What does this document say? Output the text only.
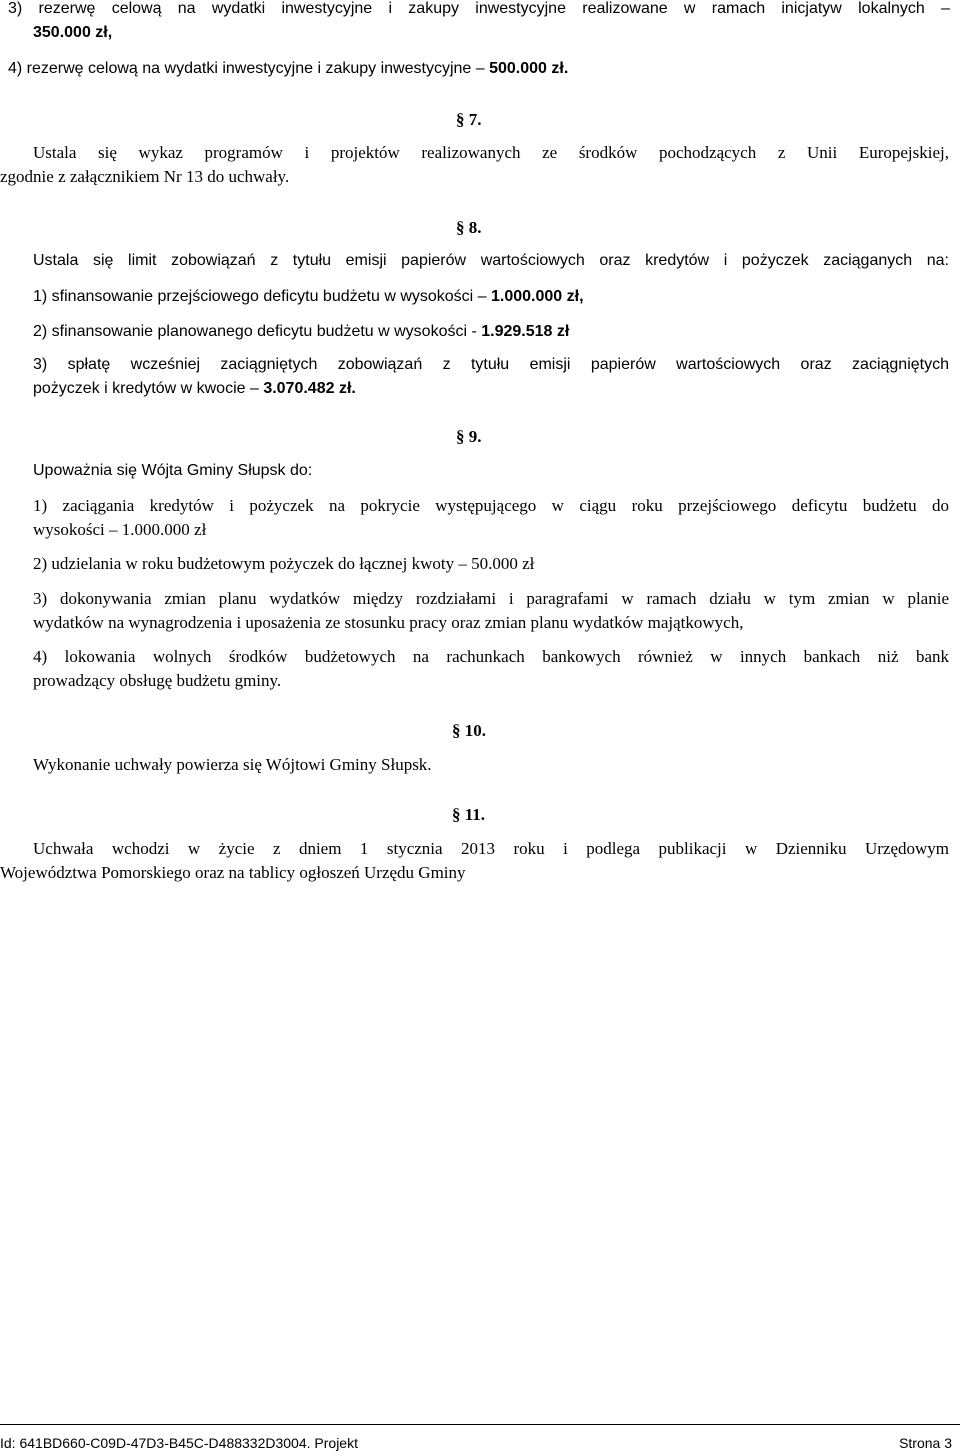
3) rezerwę celową na wydatki inwestycyjne i zakupy inwestycyjne realizowane w ramach inicjatyw lokalnych –
350.000 zł,
4) rezerwę celową na wydatki inwestycyjne i zakupy inwestycyjne – 500.000 zł.
§ 7.
Ustala się wykaz programów i projektów realizowanych ze środków pochodzących z Unii Europejskiej,
zgodnie z załącznikiem Nr 13 do uchwały.
§ 8.
Ustala się limit zobowiązań z tytułu emisji papierów wartościowych oraz kredytów i pożyczek zaciąganych na:
1) sfinansowanie przejściowego deficytu budżetu w wysokości – 1.000.000 zł,
2) sfinansowanie planowanego deficytu budżetu w wysokości - 1.929.518 zł
3) spłatę wcześniej zaciągniętych zobowiązań z tytułu emisji papierów wartościowych oraz zaciągniętych
pożyczek i kredytów w kwocie – 3.070.482 zł.
§ 9.
Upoważnia się Wójta Gminy Słupsk do:
1) zaciągania kredytów i pożyczek na pokrycie występującego w ciągu roku przejściowego deficytu budżetu do
wysokości – 1.000.000 zł
2) udzielania w roku budżetowym pożyczek do łącznej kwoty – 50.000 zł
3) dokonywania zmian planu wydatków między rozdziałami i paragrafami w ramach działu w tym zmian w planie
wydatków na wynagrodzenia i uposażenia ze stosunku pracy oraz zmian planu wydatków majątkowych,
4) lokowania wolnych środków budżetowych na rachunkach bankowych również w innych bankach niż bank
prowadzący obsługę budżetu gminy.
§ 10.
Wykonanie uchwały powierza się Wójtowi Gminy Słupsk.
§ 11.
Uchwała wchodzi w życie z dniem 1 stycznia 2013 roku i podlega publikacji w Dzienniku Urzędowym
Województwa Pomorskiego oraz na tablicy ogłoszeń Urzędu Gminy
Id: 641BD660-C09D-47D3-B45C-D488332D3004. Projekt	Strona 3
